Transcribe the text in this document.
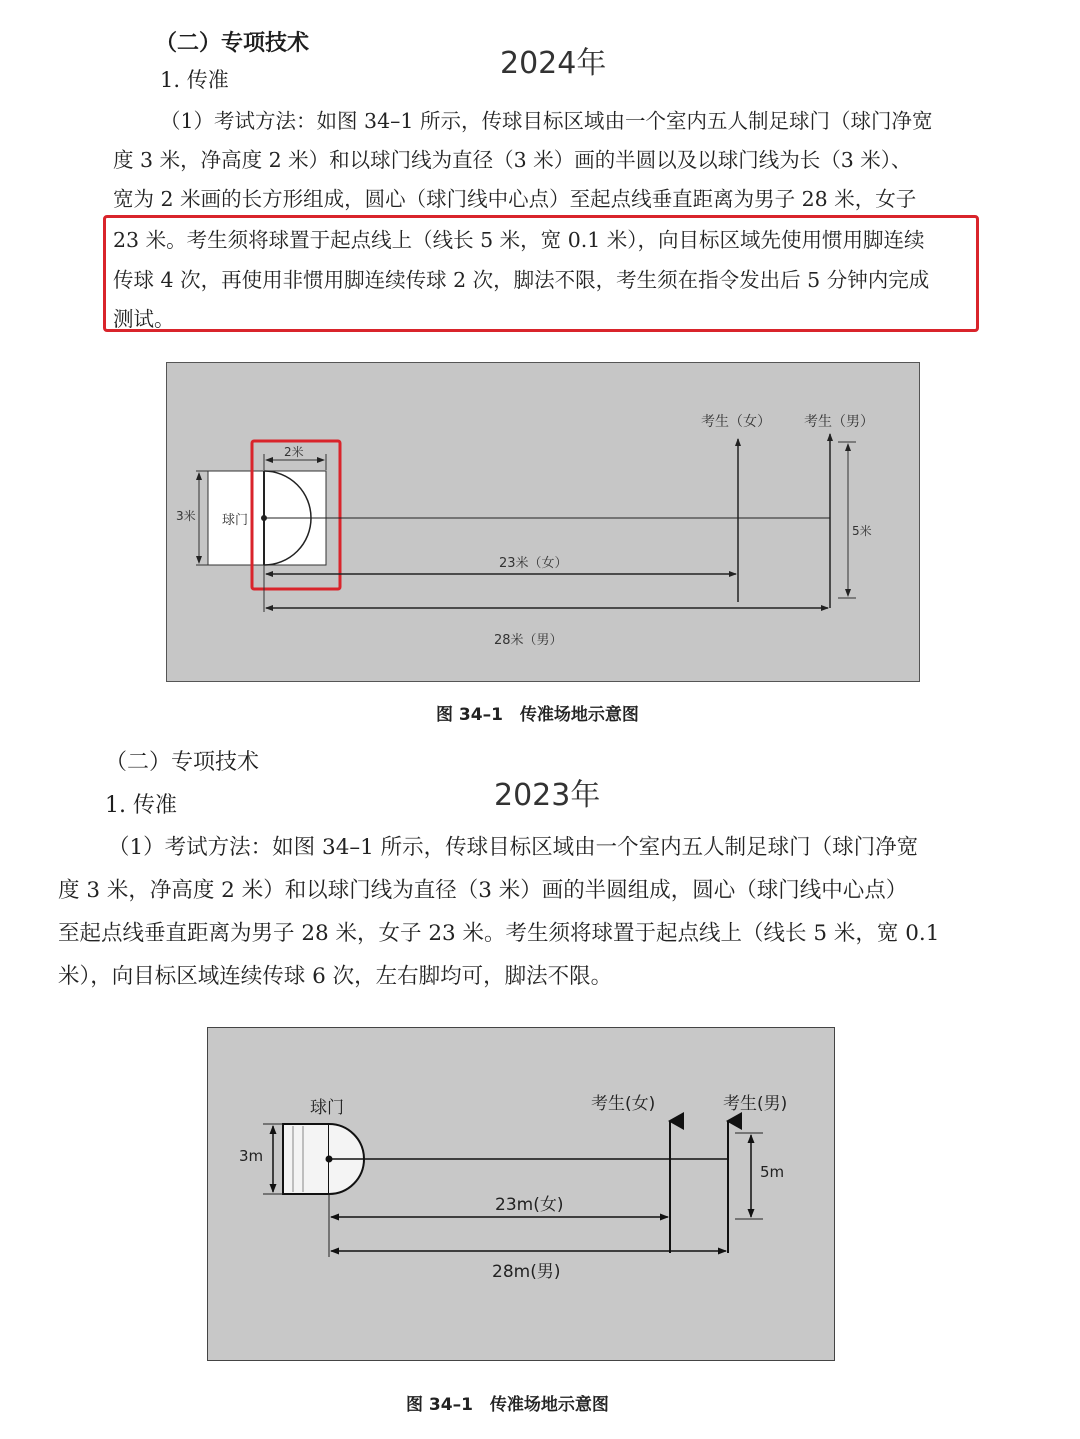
（二）专项技术
2024年
1. 传准
（1）考试方法：如图 34–1 所示，传球目标区域由一个室内五人制足球门（球门净宽
度 3 米，净高度 2 米）和以球门线为直径（3 米）画的半圆以及以球门线为长（3 米）、
宽为 2 米画的长方形组成，圆心（球门线中心点）至起点线垂直距离为男子 28 米，女子
23 米。考生须将球置于起点线上（线长 5 米，宽 0.1 米），向目标区域先使用惯用脚连续
传球 4 次，再使用非惯用脚连续传球 2 次，脚法不限，考生须在指令发出后 5 分钟内完成
测试。
球门
3米
2米
考生（女） 考生（男）
5米
23米（女）
28米（男）
图 34–1　传准场地示意图
（二）专项技术
2023年
1. 传准
（1）考试方法：如图 34–1 所示，传球目标区域由一个室内五人制足球门（球门净宽
度 3 米，净高度 2 米）和以球门线为直径（3 米）画的半圆组成，圆心（球门线中心点）
至起点线垂直距离为男子 28 米，女子 23 米。考生须将球置于起点线上（线长 5 米，宽 0.1
米），向目标区域连续传球 6 次，左右脚均可，脚法不限。
球门
3m
考生(女)	考生(男)
5m
23m(女)
28m(男)
图 34–1　传准场地示意图
